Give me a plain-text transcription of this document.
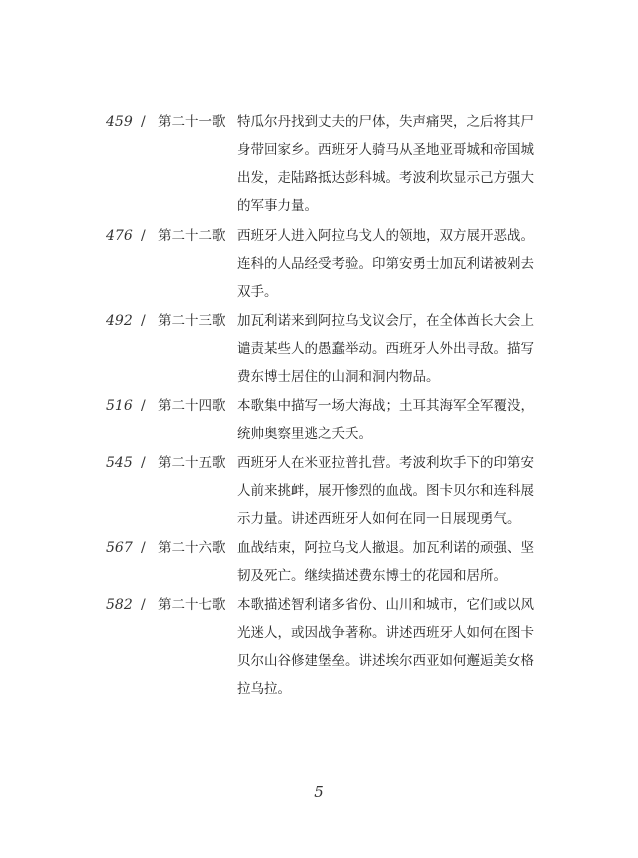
459 / 第二十一歌 特瓜尔丹找到丈夫的尸体，失声痛哭，之后将其尸
身带回家乡。西班牙人骑马从圣地亚哥城和帝国城
出发，走陆路抵达彭科城。考波利坎显示己方强大
的军事力量。
476 / 第二十二歌 西班牙人进入阿拉乌戈人的领地，双方展开恶战。
连科的人品经受考验。印第安勇士加瓦利诺被剁去
双手。
492 / 第二十三歌 加瓦利诺来到阿拉乌戈议会厅，在全体酋长大会上
谴责某些人的愚蠢举动。西班牙人外出寻敌。描写
费东博士居住的山洞和洞内物品。
516 / 第二十四歌 本歌集中描写一场大海战；土耳其海军全军覆没，
统帅奥察里逃之夭夭。
545 / 第二十五歌 西班牙人在米亚拉普扎营。考波利坎手下的印第安
人前来挑衅，展开惨烈的血战。图卡贝尔和连科展
示力量。讲述西班牙人如何在同一日展现勇气。
567 / 第二十六歌 血战结束，阿拉乌戈人撤退。加瓦利诺的顽强、坚
韧及死亡。继续描述费东博士的花园和居所。
582 / 第二十七歌 本歌描述智利诸多省份、山川和城市，它们或以风
光迷人，或因战争著称。讲述西班牙人如何在图卡
贝尔山谷修建堡垒。讲述埃尔西亚如何邂逅美女格
拉乌拉。
5
